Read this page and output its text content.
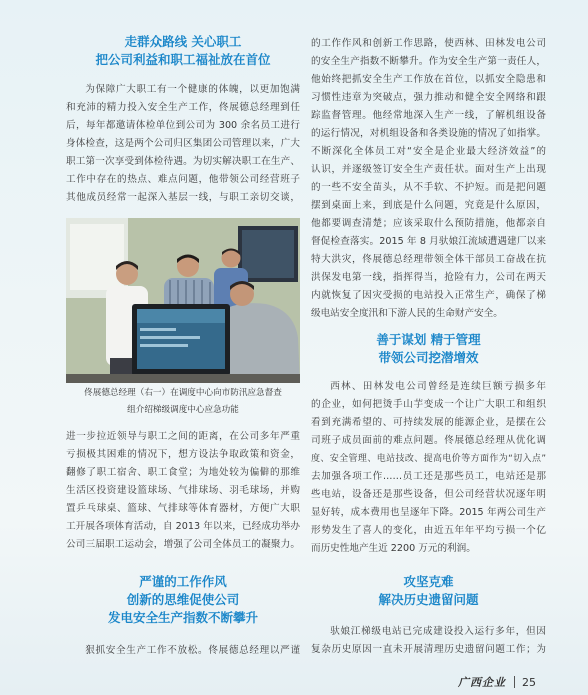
走群众路线 关心职工
把公司利益和职工福祉放在首位
为保障广大职工有一个健康的体魄，以更加饱满
和充沛的精力投入安全生产工作，佟展德总经理到任
后，每年都邀请体检单位到公司为 300 余名员工进行
身体检查，这是两个公司归区集团公司管理以来，广大
职工第一次享受到体检待遇。为切实解决职工在生产、
工作中存在的热点、难点问题，他带领公司经营班子
其他成员经常一起深入基层一线，与职工亲切交谈，
佟展德总经理（右一）在调度中心向市防汛应急督查
组介绍梯级调度中心应急功能
进一步拉近领导与职工之间的距离，在公司多年严重
亏损极其困难的情况下，想方设法争取政策和资金，
翻修了职工宿舍、职工食堂；为地处较为偏僻的那维
生活区投资建设篮球场、气排球场、羽毛球场，并购
置乒乓球桌、篮球、气排球等体育器材，方便广大职
工开展各项体育活动，自 2013 年以来，已经成功举办
公司三届职工运动会，增强了公司全体员工的凝聚力。
严谨的工作作风
创新的思维促使公司
发电安全生产指数不断攀升
狠抓安全生产工作不放松。佟展德总经理以严谨
的工作作风和创新工作思路，使西林、田林发电公司
的安全生产指数不断攀升。作为安全生产第一责任人，
他始终把抓安全生产工作放在首位，以抓安全隐患和
习惯性违章为突破点，强力推动和健全安全网络和跟
踪监督管理。他经常地深入生产一线，了解机组设备
的运行情况，对机组设备和各类设施的情况了如指掌。
不断深化全体员工对“安全是企业最大经济效益”的
认识，并逐级签订安全生产责任状。面对生产上出现
的一些不安全苗头，从不手软、不护短。而是把问题
摆到桌面上来，到底是什么问题，究竟是什么原因，
他都要调查清楚；应该采取什么预防措施，他都亲自
督促检查落实。2015 年 8 月驮娘江流域遭遇建厂以来
特大洪灾，佟展德总经理带领全体干部员工奋战在抗
洪保发电第一线，指挥得当，抢险有力，公司在两天
内就恢复了因灾受损的电站投入正常生产，确保了梯
级电站安全度汛和下游人民的生命财产安全。
善于谋划 精于管理
带领公司挖潜增效
西林、田林发电公司曾经是连续巨额亏损多年
的企业，如何把烫手山芋变成一个让广大职工和组织
看到充满希望的、可持续发展的能源企业，是摆在公
司班子成员面前的难点问题。佟展德总经理从优化调
度、安全管理、电站技改、提高电价等方面作为“切入点”
去加强各项工作……员工还是那些员工，电站还是那
些电站，设备还是那些设备，但公司经营状况逐年明
显好转，成本费用也呈逐年下降。2015 年两公司生产
形势发生了喜人的变化，由近五年年平均亏损一个亿
而历史性地产生近 2200 万元的利润。
攻坚克难
解决历史遗留问题
驮娘江梯级电站已完成建设投入运行多年，但因
复杂历史原因一直未开展清理历史遗留问题工作；为
广西企业 25
